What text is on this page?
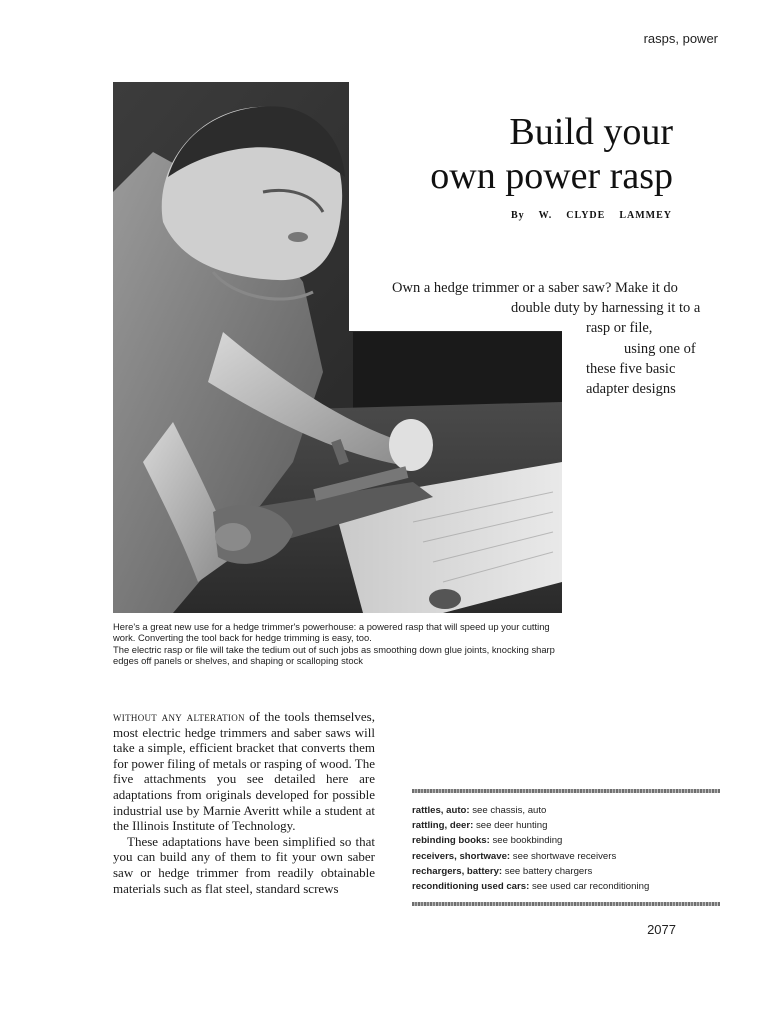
rasps, power
Build your
own power rasp
By W. CLYDE LAMMEY
Own a hedge trimmer or a saber saw? Make it do
double duty by harnessing it to a
rasp or file,
using one of
these five basic
adapter designs

Here's a great new use for a hedge trimmer's powerhouse: a powered rasp that will speed up your cutting work. Converting the tool back for hedge trimming is easy, too.

The electric rasp or file will take the tedium out of such jobs as smoothing down glue joints, knocking sharp edges off panels or shelves, and shaping or scalloping stock

without any alteration of the tools themselves, most electric hedge trimmers and saber saws will take a simple, efficient bracket that converts them for power filing of metals or rasping of wood. The five attachments you see detailed here are adaptations from originals developed for possible industrial use by Marnie Averitt while a student at the Illinois Institute of Technology.

These adaptations have been simplified so that you can build any of them to fit your own saber saw or hedge trimmer from readily obtainable materials such as flat steel, standard screws

rattles, auto: see chassis, auto
rattling, deer: see deer hunting
rebinding books: see bookbinding
receivers, shortwave: see shortwave receivers
rechargers, battery: see battery chargers
reconditioning used cars: see used car reconditioning
2077
